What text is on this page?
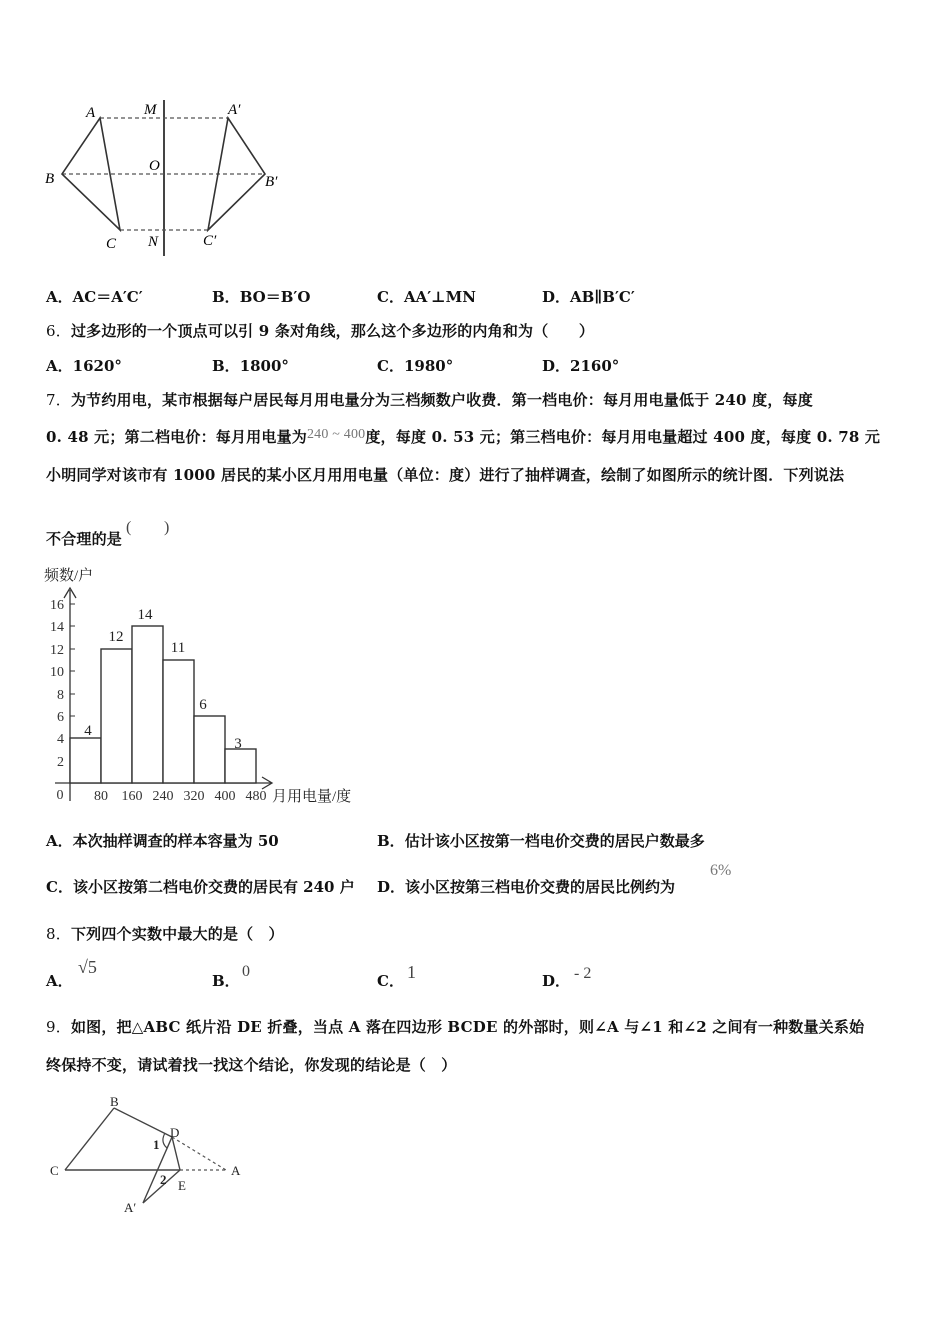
A
B
C
M
O
N
A′
B′
C′
A．AC＝A′C′	B．BO＝B′O	C．AA′⊥MN	D．AB∥B′C′
6．过多边形的一个顶点可以引 9 条对角线，那么这个多边形的内角和为（　　）
A．1620°	B．1800°	C．1980°	D．2160°
7．为节约用电，某市根据每户居民每月用电量分为三档频数户收费．第一档电价：每月用电量低于 240 度，每度
0. 48 元；第二档电价：每月用电量为240 ~ 400度，每度 0. 53 元；第三档电价：每月用电量超过 400 度，每度 0. 78 元
小明同学对该市有 1000 居民的某小区月用用电量（单位：度）进行了抽样调查，绘制了如图所示的统计图．下列说法
不合理的是(　　)
频数/户
2
4
6
8
10
12
14
16
4
12
14
11
6
3
0 80 160 240 320 400 480 月用电量/度
A．本次抽样调查的样本容量为 50	B．估计该小区按第一档电价交费的居民户数最多
C．该小区按第二档电价交费的居民有 240 户 D．该小区按第三档电价交费的居民比例约为
6%
8．下列四个实数中最大的是（　）
A．
√5
B．
0
C． 1	D． - 2
9．如图，把△ABC 纸片沿 DE 折叠，当点 A 落在四边形 BCDE 的外部时，则∠A 与∠1 和∠2 之间有一种数量关系始
终保持不变，请试着找一找这个结论，你发现的结论是（　）
B
C
D
E
A
A′
1
2
